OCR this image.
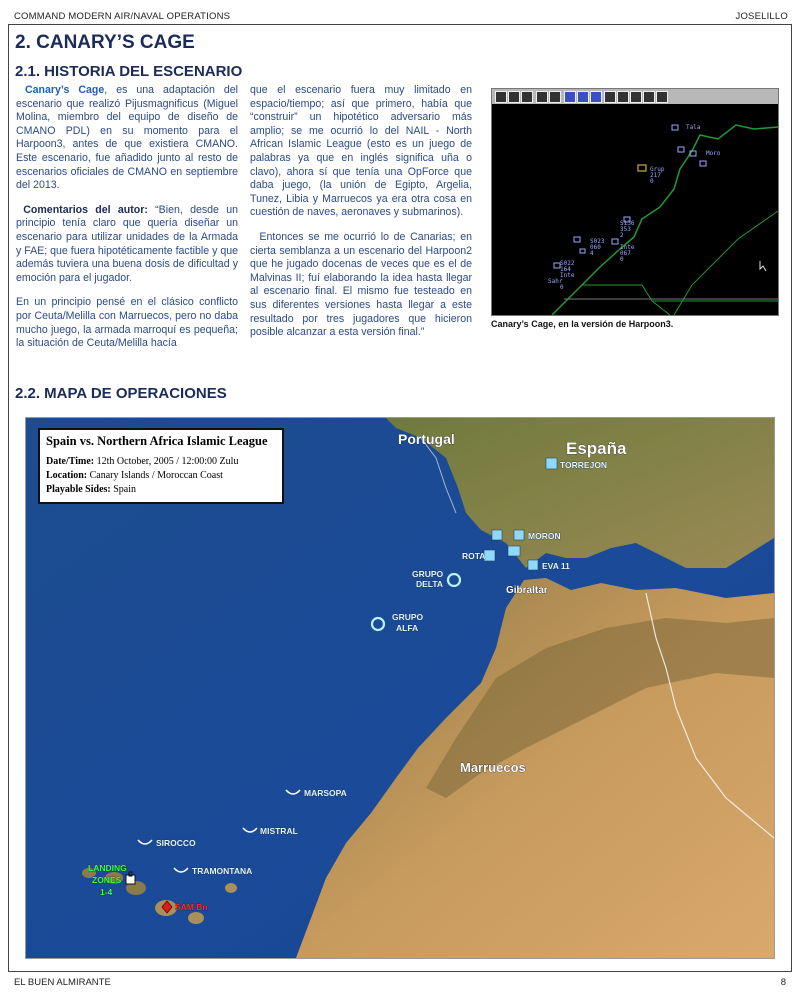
COMMAND MODERN AIR/NAVAL OPERATIONS	JOSELILLO
2. CANARY’S CAGE
2.1. HISTORIA DEL ESCENARIO

Canary’s Cage, es una adaptación del escenario que realizó Pijusmagnificus (Miguel Molina, miembro del equipo de diseño de CMANO PDL) en su momento para el Harpoon3, antes de que existiera CMANO. Este escenario, fue añadido junto al resto de escenarios oficiales de CMANO en septiembre del 2013.

Comentarios del autor: “Bien, desde un principio tenía claro que quería diseñar un escenario para utilizar unidades de la Armada y FAE; que fuera hipotéticamente factible y que además tuviera una buena dosis de dificultad y emoción para el jugador.

En un principio pensé en el clásico conflicto por Ceuta/Melilla con Marruecos, pero no daba mucho juego, la armada marroquí es pequeña; la situación de Ceuta/Melilla hacía

que el escenario fuera muy limitado en espacio/tiempo; así que primero, había que “construir” un hipotético adversario más amplio; se me ocurrió lo del NAIL - North African Islamic League (esto es un juego de palabras ya que en inglés significa uña o clavo), ahora sí que tenía una OpForce que daba juego, (la unión de Egipto, Argelia, Tunez, Libia y Marruecos ya era otra cosa en cuestión de naves, aeronaves y submarinos).

Entonces se me ocurrió lo de Canarias; en cierta semblanza a un escenario del Harpoon2 que he jugado docenas de veces que es el de Malvinas II; fuí elaborando la idea hasta llegar al escenario final. El mismo fue testeado en sus diferentes versiones hasta llegar a este resultado por tres jugadores que hicieron posible alcanzar a esta versión final.”

Tala
Moro
Grup
217
0
S136
353
2
S023
060
4
Inte
067
0
S022
164
Inte
Sahr
0
Canary’s Cage, en la versión de Harpoon3.
2.2. MAPA DE OPERACIONES
Spain vs. Northern Africa Islamic League
Date/Time: 12th October, 2005 / 12:00:00 Zulu
Location: Canary Islands / Moroccan Coast
Playable Sides: Spain
Portugal	España
Marruecos
Gibraltar
TORREJON
MORON
ROTA
EVA 11
GRUPO
DELTA
GRUPO
ALFA
MARSOPA
SIROCCO
MISTRAL
TRAMONTANA
LANDING
ZONES
1-4
SAM Bn
EL BUEN ALMIRANTE	8
